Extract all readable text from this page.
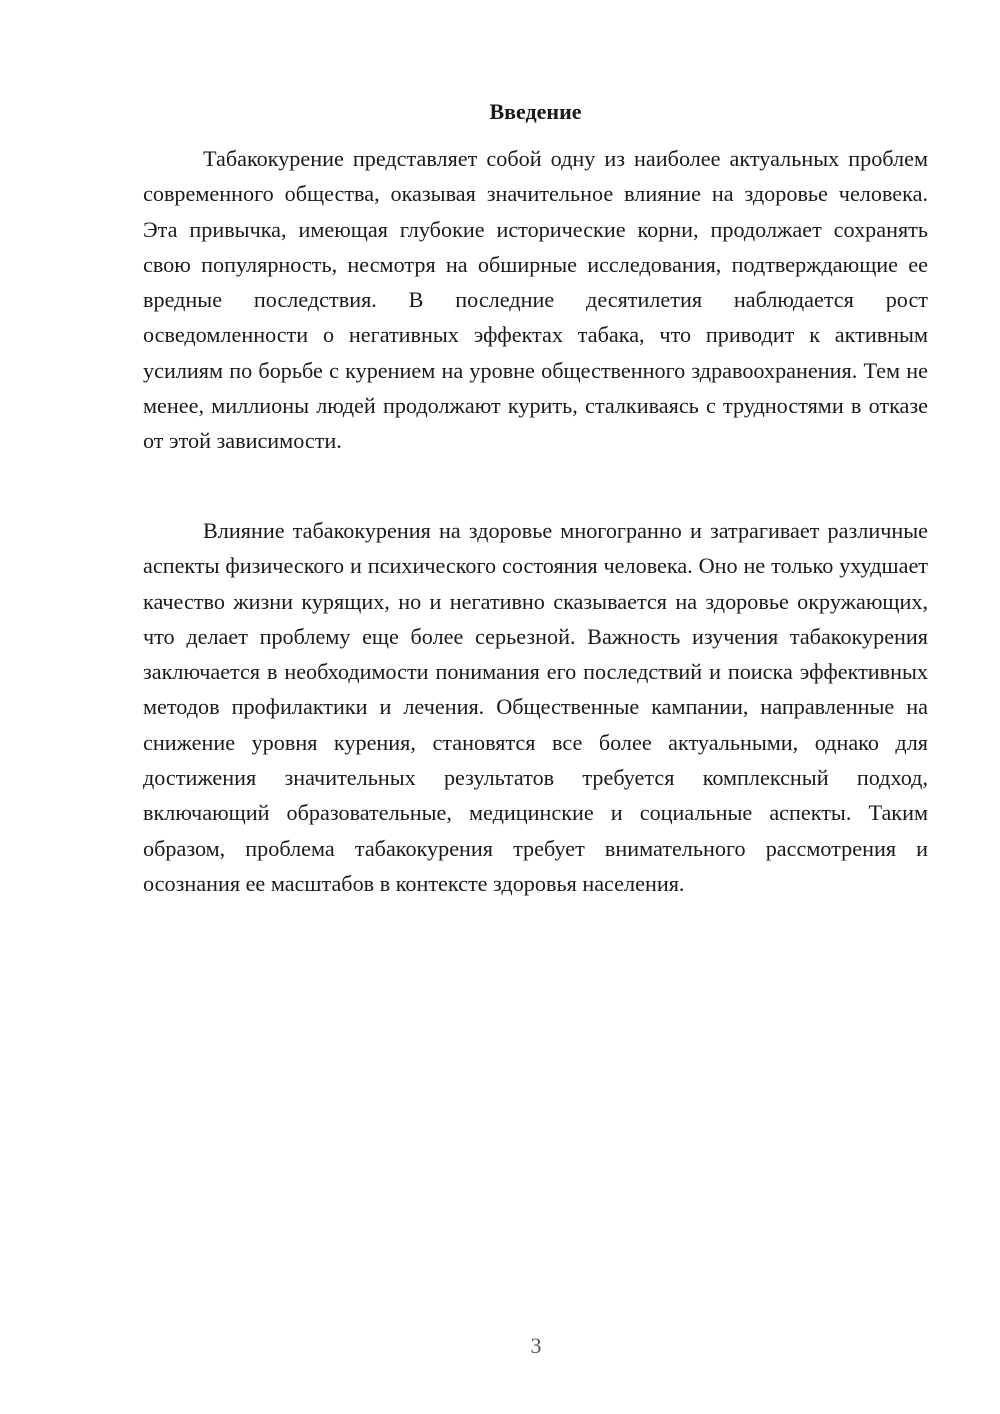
Введение

Табакокурение представляет собой одну из наиболее актуальных проблем современного общества, оказывая значительное влияние на здоровье человека. Эта привычка, имеющая глубокие исторические корни, продолжает сохранять свою популярность, несмотря на обширные исследования, подтверждающие ее вредные последствия. В последние десятилетия наблюдается рост осведомленности о негативных эффектах табака, что приводит к активным усилиям по борьбе с курением на уровне общественного здравоохранения. Тем не менее, миллионы людей продолжают курить, сталкиваясь с трудностями в отказе от этой зависимости.

Влияние табакокурения на здоровье многогранно и затрагивает различные аспекты физического и психического состояния человека. Оно не только ухудшает качество жизни курящих, но и негативно сказывается на здоровье окружающих, что делает проблему еще более серьезной. Важность изучения табакокурения заключается в необходимости понимания его последствий и поиска эффективных методов профилактики и лечения. Общественные кампании, направленные на снижение уровня курения, становятся все более актуальными, однако для достижения значительных результатов требуется комплексный подход, включающий образовательные, медицинские и социальные аспекты. Таким образом, проблема табакокурения требует внимательного рассмотрения и осознания ее масштабов в контексте здоровья населения.

3
